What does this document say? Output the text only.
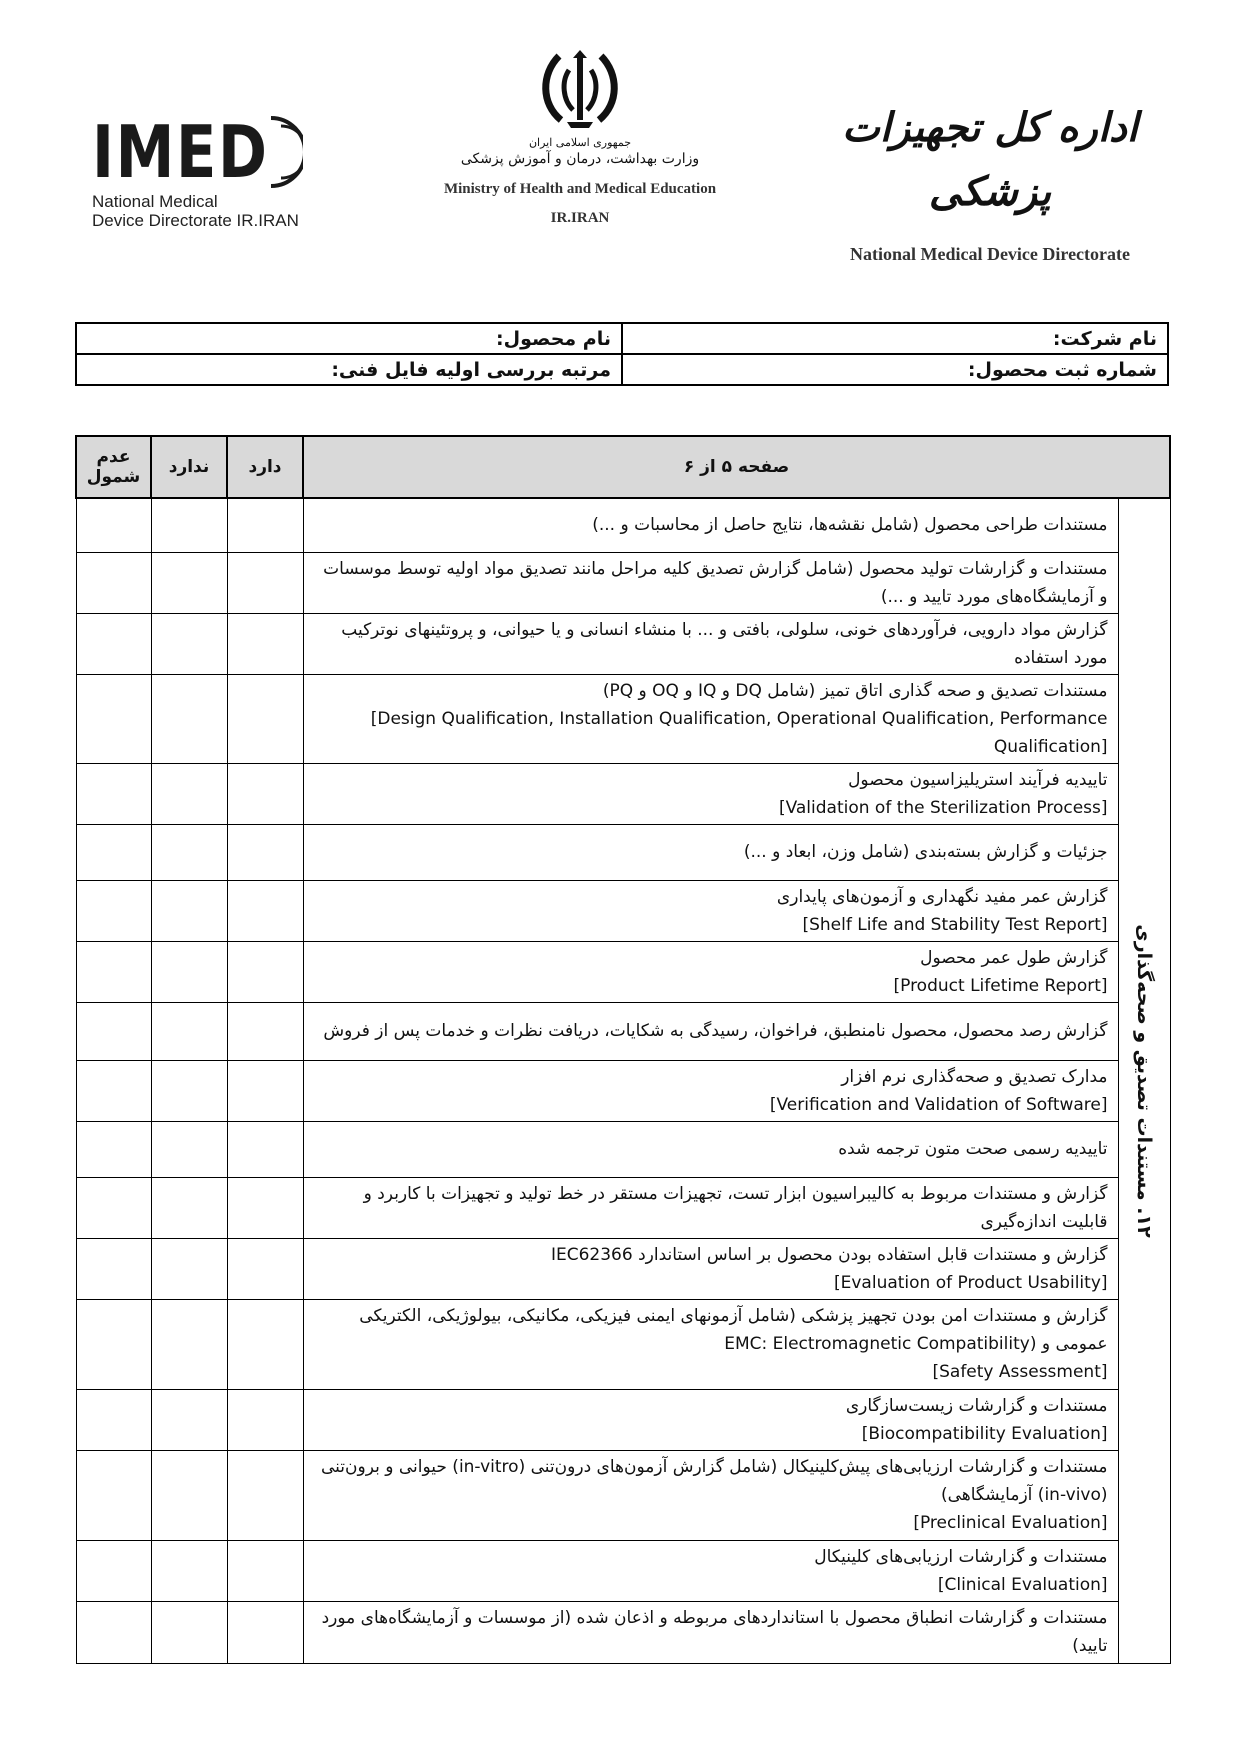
IMED
National Medical
Device Directorate IR.IRAN
جمهوری اسلامی ایران
وزارت بهداشت، درمان و آموزش پزشکی
Ministry of Health and Medical Education
IR.IRAN
اداره کل تجهیزات پزشکی
National Medical Device Directorate
نام شرکت:	نام محصول:
شماره ثبت محصول:	مرتبه بررسی اولیه فایل فنی:
صفحه ۵ از ۶		دارد	ندارد	عدم شمول

۱۲. مستندات تصدیق و صحه‌گذاری	مستندات طراحی محصول (شامل نقشه‌ها، نتایج حاصل از محاسبات و ...)			

	مستندات و گزارشات تولید محصول (شامل گزارش تصدیق کلیه مراحل مانند تصدیق مواد اولیه توسط موسسات و آزمایشگاه‌های مورد تایید و ...)			

	گزارش مواد دارویی، فرآوردهای خونی، سلولی، بافتی و ... با منشاء انسانی و یا حیوانی، و پروتئینهای نوترکیب مورد استفاده			

	مستندات تصدیق و صحه گذاری اتاق تمیز (شامل DQ و IQ و OQ و PQ)
[Design Qualification, Installation Qualification, Operational Qualification, Performance Qualification]			

	تاییدیه فرآیند استریلیزاسیون محصول
[Validation of the Sterilization Process]			

	جزئیات و گزارش بسته‌بندی (شامل وزن، ابعاد و ...)			

	گزارش عمر مفید نگهداری و آزمون‌های پایداری
[Shelf Life and Stability Test Report]			

	گزارش طول عمر محصول
[Product Lifetime Report]			

	گزارش رصد محصول، محصول نامنطبق، فراخوان، رسیدگی به شکایات، دریافت نظرات و خدمات پس از فروش			

	مدارک تصدیق و صحه‌گذاری نرم افزار
[Verification and Validation of Software]			

	تاییدیه رسمی صحت متون ترجمه شده			

	گزارش و مستندات مربوط به کالیبراسیون ابزار تست، تجهیزات مستقر در خط تولید و تجهیزات با کاربرد و قابلیت اندازه‌گیری			

	گزارش و مستندات قابل استفاده بودن محصول بر اساس استاندارد IEC62366
[Evaluation of Product Usability]			

	گزارش و مستندات امن بودن تجهیز پزشکی (شامل آزمونهای ایمنی فیزیکی، مکانیکی، بیولوژیکی، الکتریکی عمومی و (EMC: Electromagnetic Compatibility
[Safety Assessment]			

	مستندات و گزارشات زیست‌سازگاری
[Biocompatibility Evaluation]			

	مستندات و گزارشات ارزیابی‌های پیش‌کلینیکال (شامل گزارش آزمون‌های درون‌تنی (in-vitro) حیوانی و برون‌تنی (in-vivo) آزمایشگاهی)
[Preclinical Evaluation]			

	مستندات و گزارشات ارزیابی‌های کلینیکال
[Clinical Evaluation]			

	مستندات و گزارشات انطباق محصول با استانداردهای مربوطه و اذعان شده (از موسسات و آزمایشگاه‌های مورد تایید)			
